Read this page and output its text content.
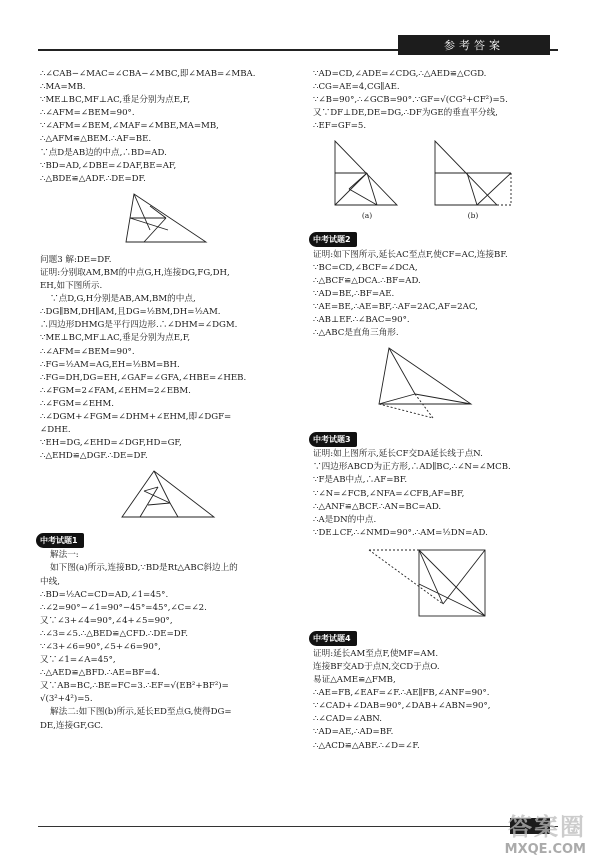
参考答案
∴∠CAB−∠MAC=∠CBA−∠MBC,即∠MAB=∠MBA.
∴MA=MB.
∵ME⊥BC,MF⊥AC,垂足分别为点E,F,
∴∠AFM=∠BEM=90°.
∵∠AFM=∠BEM,∠MAF=∠MBE,MA=MB,
∴△AFM≌△BEM.∴AF=BE.
∵点D是AB边的中点,∴BD=AD.
∵BD=AD,∠DBE=∠DAF,BE=AF,
∴△BDE≌△ADF.∴DE=DF.
问题3 解:DE=DF.
证明:分别取AM,BM的中点G,H,连接DG,FG,DH,
EH,如下图所示.
∵点D,G,H分别是AB,AM,BM的中点,
∴DG∥BM,DH∥AM,且DG=½BM,DH=½AM.
∴四边形DHMG是平行四边形.∴∠DHM=∠DGM.
∵ME⊥BC,MF⊥AC,垂足分别为点E,F,
∴∠AFM=∠BEM=90°.
∴FG=½AM=AG,EH=½BM=BH.
∴FG=DH,DG=EH,∠GAF=∠GFA,∠HBE=∠HEB.
∴∠FGM=2∠FAM,∠EHM=2∠EBM.
∴∠FGM=∠EHM.
∴∠DGM+∠FGM=∠DHM+∠EHM,即∠DGF=
∠DHE.
∵EH=DG,∠EHD=∠DGF,HD=GF,
∴△EHD≌△DGF.∴DE=DF.
中考试题1
解法一:
如下图(a)所示,连接BD,∵BD是Rt△ABC斜边上的
中线,
∴BD=½AC=CD=AD,∠1=45°.
∴∠2=90°−∠1=90°−45°=45°,∠C=∠2.
又∵∠3+∠4=90°,∠4+∠5=90°,
∴∠3=∠5.∴△BED≌△CFD.∴DE=DF.
∵∠3+∠6=90°,∠5+∠6=90°,
又∵∠1=∠A=45°,
∴△AED≌△BFD.∴AE=BF=4.
又∵AB=BC,∴BE=FC=3.∴EF=√(EB²+BF²)=
√(3²+4²)=5.
解法二:如下图(b)所示,延长ED至点G,使得DG=
DE,连接GF,GC.
∵AD=CD,∠ADE=∠CDG,∴△AED≌△CGD.
∴CG=AE=4,CG∥AE.
∵∠B=90°,∴∠GCB=90°.∵GF=√(CG²+CF²)=5.
又∵DF⊥DE,DE=DG,∴DF为GE的垂直平分线,
∴EF=GF=5.
(a)	(b)
中考试题2
证明:如下图所示,延长AC至点F,使CF=AC,连接BF.
∵BC=CD,∠BCF=∠DCA,
∴△BCF≌△DCA.∴BF=AD.
∵AD=BE,∴BF=AE.
∵AE=BE,∴AE=BF,∴AF=2AC,AF=2AC,
∴AB⊥EF.∴∠BAC=90°.
∴△ABC是直角三角形.
中考试题3
证明:如上图所示,延长CF交DA延长线于点N.
∵四边形ABCD为正方形,∴AD∥BC,∴∠N=∠MCB.
∵F是AB中点,∴AF=BF.
∵∠N=∠FCB,∠NFA=∠CFB,AF=BF,
∴△ANF≌△BCF.∴AN=BC=AD.
∴A是DN的中点.
∵DE⊥CF,∴∠NMD=90°.∴AM=½DN=AD.
中考试题4
证明:延长AM至点F,使MF=AM.
连接BF交AD于点N,交CD于点O.
易证△AME≌△FMB,
∴AE=FB,∠EAF=∠F.∴AE∥FB,∠ANF=90°.
∵∠CAD+∠DAB=90°,∠DAB+∠ABN=90°,
∴∠CAD=∠ABN.
∵AD=AE,∴AD=BF.
∴△ACD≌△ABF.∴∠D=∠F.
答案圈
MXQE.COM
